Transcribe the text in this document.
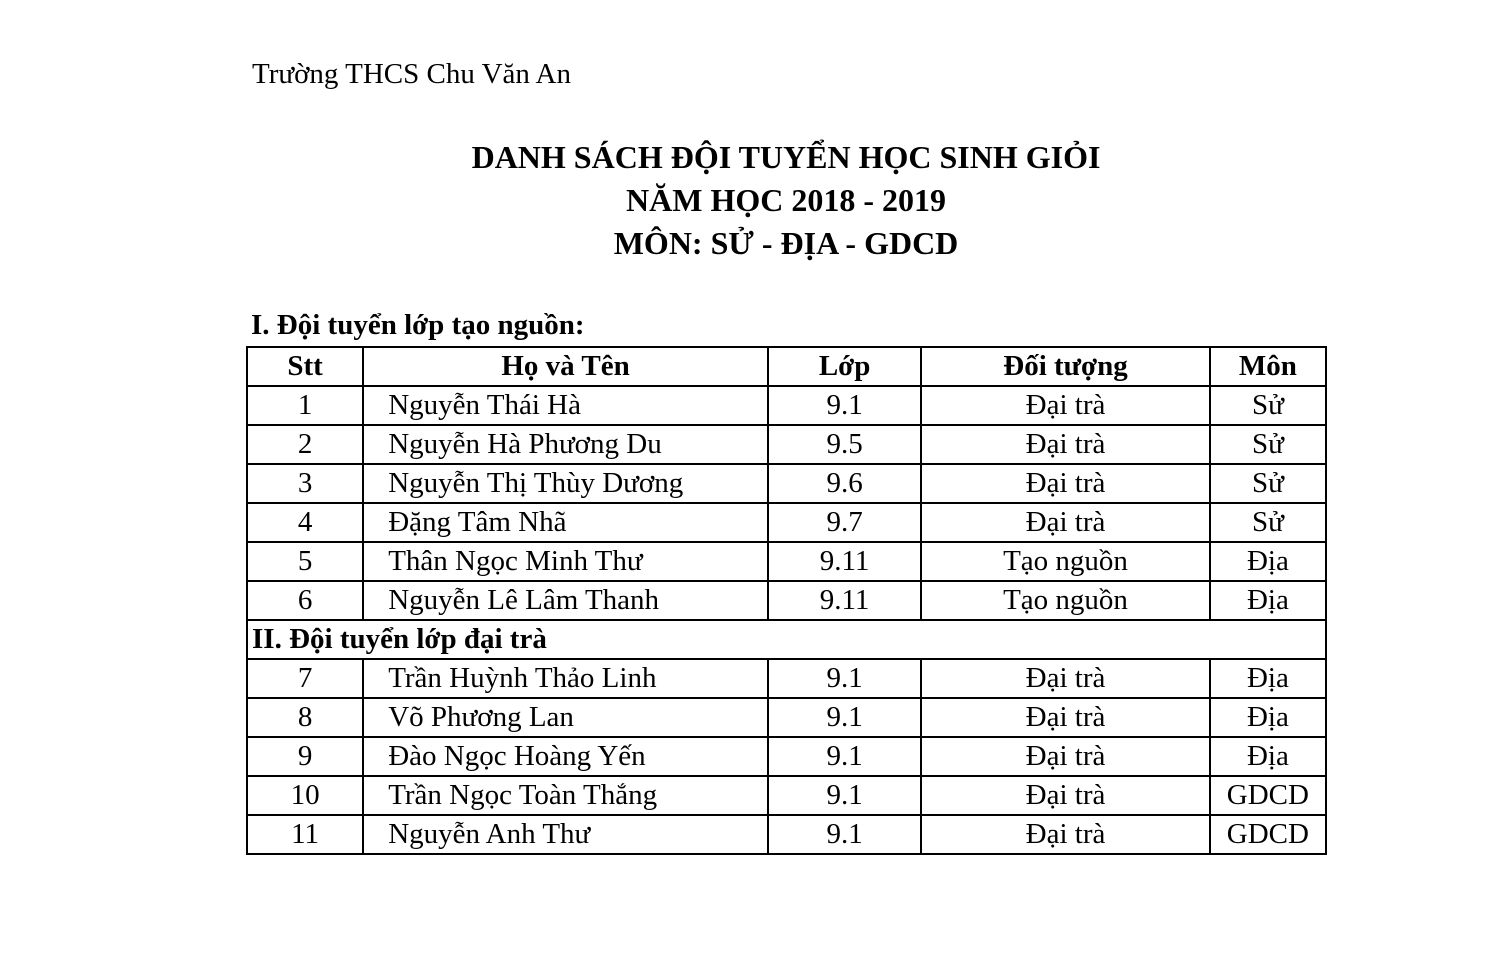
Trường THCS Chu Văn An
DANH SÁCH ĐỘI TUYỂN HỌC SINH GIỎI
NĂM HỌC 2018 - 2019
MÔN: SỬ - ĐỊA - GDCD
I. Đội tuyển lớp tạo nguồn:
Stt	Họ và Tên	Lớp	Đối tượng	Môn
1	Nguyễn Thái Hà	9.1	Đại trà	Sử
2	Nguyễn Hà Phương Du	9.5	Đại trà	Sử
3	Nguyễn Thị Thùy Dương	9.6	Đại trà	Sử
4	Đặng Tâm Nhã	9.7	Đại trà	Sử
5	Thân Ngọc Minh Thư	9.11	Tạo nguồn	Địa
6	Nguyễn Lê Lâm Thanh	9.11	Tạo nguồn	Địa
II. Đội tuyển lớp đại trà				
7	Trần Huỳnh Thảo Linh	9.1	Đại trà	Địa
8	Võ Phương Lan	9.1	Đại trà	Địa
9	Đào Ngọc Hoàng Yến	9.1	Đại trà	Địa
10	Trần Ngọc Toàn Thắng	9.1	Đại trà	GDCD
11	Nguyễn Anh Thư	9.1	Đại trà	GDCD
